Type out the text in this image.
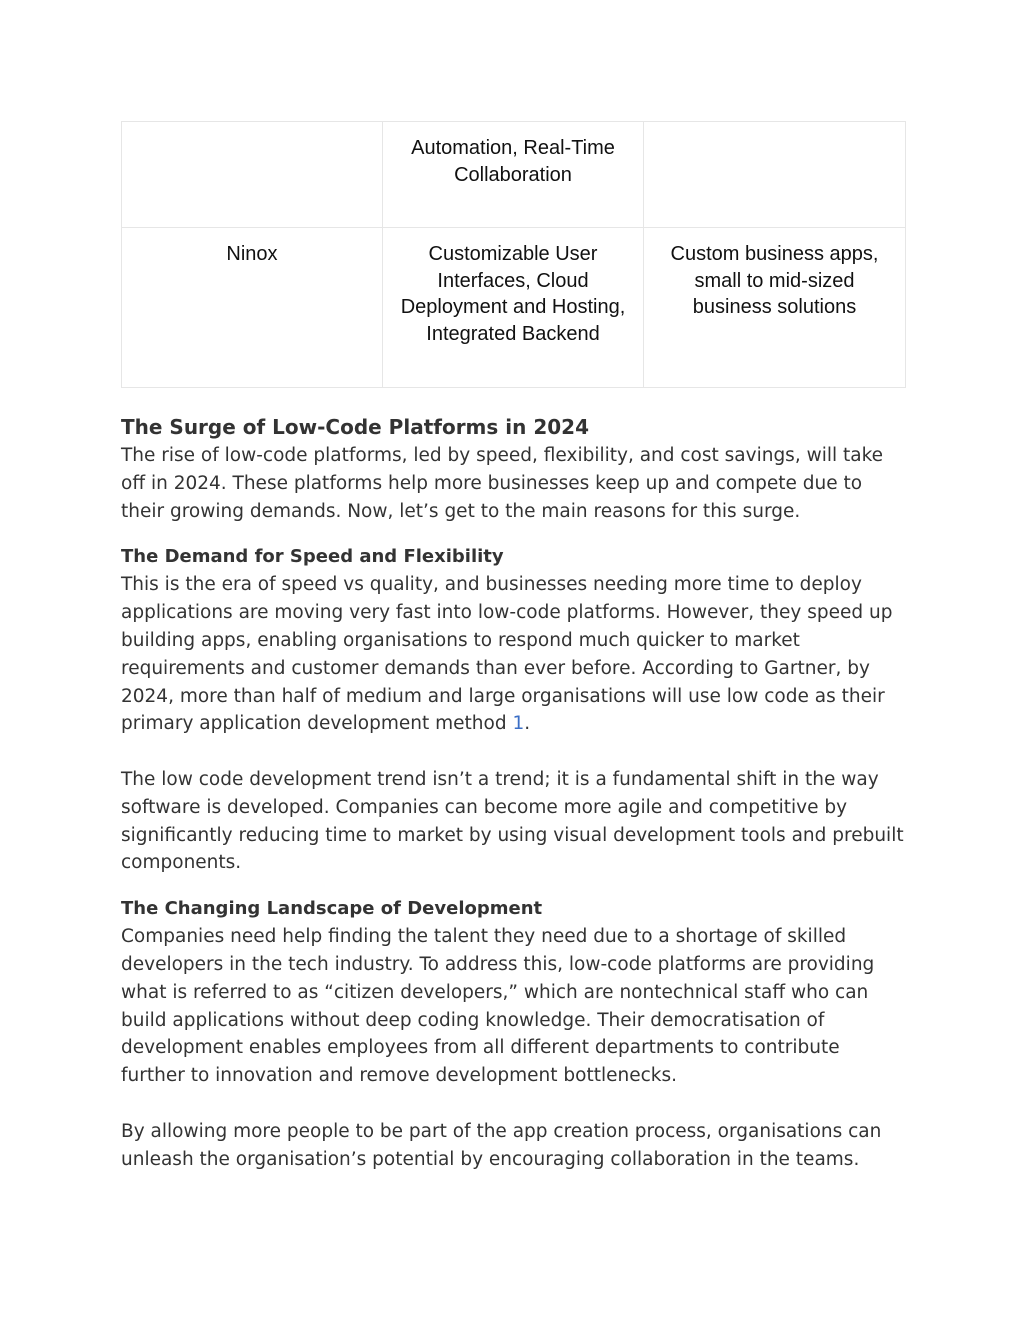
	Automation, Real-Time Collaboration	
Ninox	Customizable User Interfaces, Cloud Deployment and Hosting, Integrated Backend	Custom business apps, small to mid-sized business solutions
The Surge of Low-Code Platforms in 2024

The rise of low-code platforms, led by speed, flexibility, and cost savings, will take off in 2024. These platforms help more businesses keep up and compete due to their growing demands. Now, let’s get to the main reasons for this surge.

The Demand for Speed and Flexibility

This is the era of speed vs quality, and businesses needing more time to deploy applications are moving very fast into low-code platforms. However, they speed up building apps, enabling organisations to respond much quicker to market requirements and customer demands than ever before. According to Gartner, by 2024, more than half of medium and large organisations will use low code as their primary application development method 1.

The low code development trend isn’t a trend; it is a fundamental shift in the way software is developed. Companies can become more agile and competitive by significantly reducing time to market by using visual development tools and prebuilt components.

The Changing Landscape of Development

Companies need help finding the talent they need due to a shortage of skilled developers in the tech industry. To address this, low-code platforms are providing what is referred to as “citizen developers,” which are nontechnical staff who can build applications without deep coding knowledge. Their democratisation of development enables employees from all different departments to contribute further to innovation and remove development bottlenecks.

By allowing more people to be part of the app creation process, organisations can unleash the organisation’s potential by encouraging collaboration in the teams.
